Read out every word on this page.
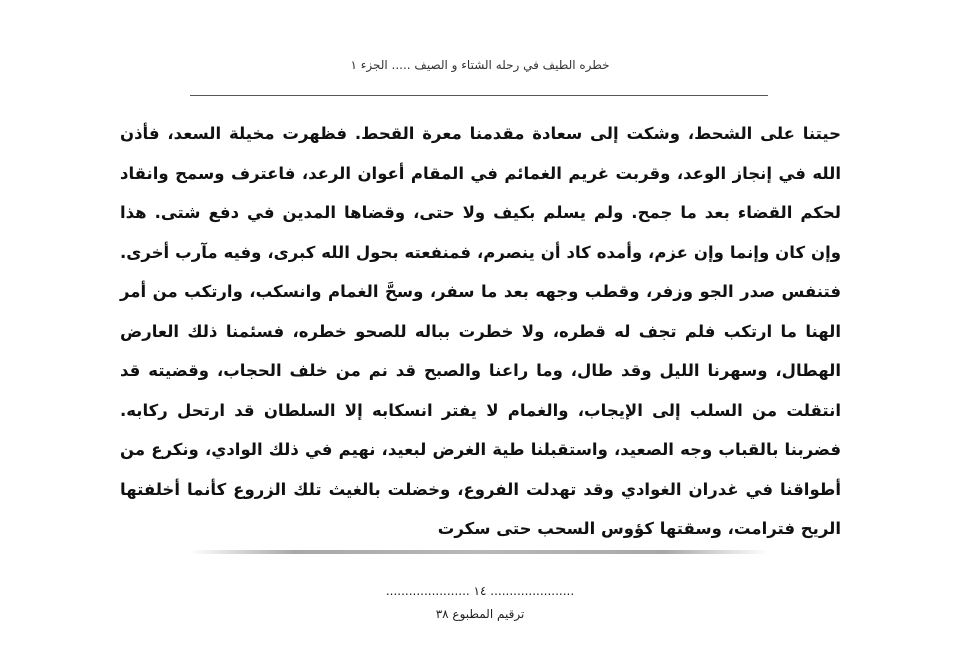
خطره الطيف في رحله الشتاء و الصيف ..... الجزء ١
حيتنا على الشحط، وشكت إلى سعادة مقدمنا معرة القحط. فظهرت مخيلة السعد، فأذن الله في إنجاز الوعد، وقربت غريم الغمائم في المقام أعوان الرعد، فاعترف وسمح وانقاد لحكم القضاء بعد ما جمح. ولم يسلم بكيف ولا حتى، وقضاها المدين في دفع شتى. هذا وإن كان وإنما وإن عزم، وأمده كاد أن ينصرم، فمنفعته بحول الله كبرى، وفيه مآرب أخرى. فتنفس صدر الجو وزفر، وقطب وجهه بعد ما سفر، وسحَّ الغمام وانسكب، وارتكب من أمر الهنا ما ارتكب فلم تجف له قطره، ولا خطرت بباله للصحو خطره، فسئمنا ذلك العارض الهطال، وسهرنا الليل وقد طال، وما راعنا والصبح قد نم من خلف الحجاب، وقضيته قد انتقلت من السلب إلى الإيجاب، والغمام لا يفتر انسكابه إلا السلطان قد ارتحل ركابه. فضربنا بالقباب وجه الصعيد، واستقبلنا طية الغرض لبعيد، نهيم في ذلك الوادي، ونكرع من أطواقنا في غدران الغوادي وقد تهدلت الفروع، وخضلت بالغيث تلك الزروع كأنما أخلفتها الريح فترامت، وسقتها كؤوس السحب حتى سكرت
...................... ١٤ ......................
ترقيم المطبوع ٣٨
